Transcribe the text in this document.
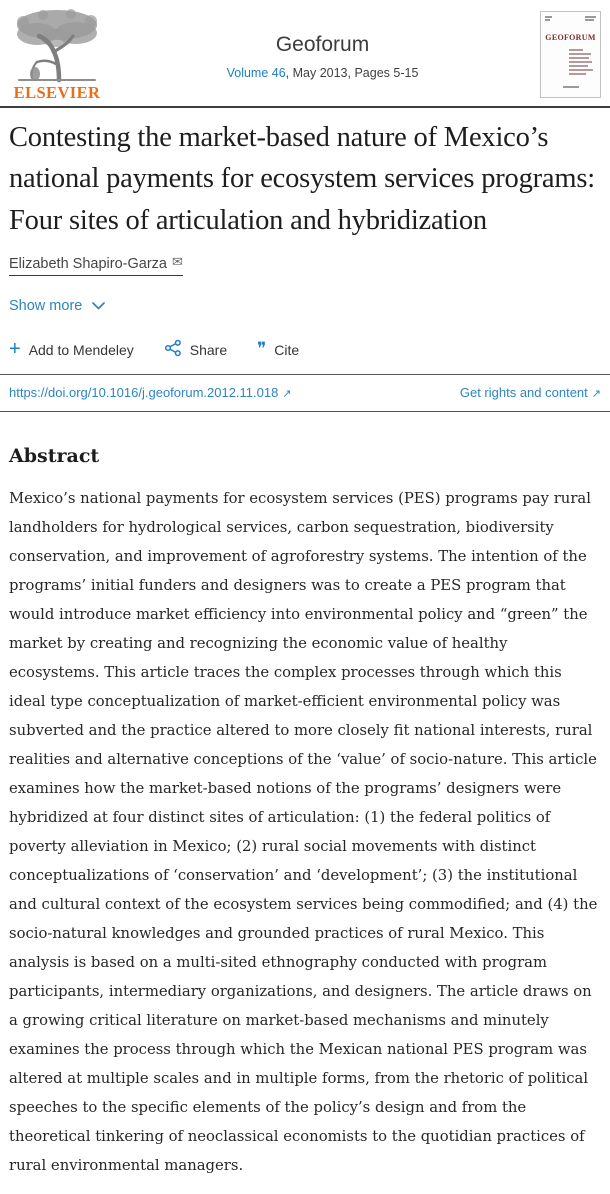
ELSEVIER
Geoforum
Volume 46, May 2013, Pages 5-15
GEOFORUM
Contesting the market-based nature of Mexico’s national payments for ecosystem services programs: Four sites of articulation and hybridization
Elizabeth Shapiro-Garza ✉
Show more
+ Add to Mendeley	Share ❞ Cite
https://doi.org/10.1016/j.geoforum.2012.11.018 ↗	Get rights and content ↗
Abstract

Mexico’s national payments for ecosystem services (PES) programs pay rural landholders for hydrological services, carbon sequestration, biodiversity conservation, and improvement of agroforestry systems. The intention of the programs’ initial funders and designers was to create a PES program that would introduce market efficiency into environmental policy and “green” the market by creating and recognizing the economic value of healthy ecosystems. This article traces the complex processes through which this ideal type conceptualization of market-efficient environmental policy was subverted and the practice altered to more closely fit national interests, rural realities and alternative conceptions of the ‘value’ of socio-nature. This article examines how the market-based notions of the programs’ designers were hybridized at four distinct sites of articulation: (1) the federal politics of poverty alleviation in Mexico; (2) rural social movements with distinct conceptualizations of ‘conservation’ and ‘development’; (3) the institutional and cultural context of the ecosystem services being commodified; and (4) the socio-natural knowledges and grounded practices of rural Mexico. This analysis is based on a multi-sited ethnography conducted with program participants, intermediary organizations, and designers. The article draws on a growing critical literature on market-based mechanisms and minutely examines the process through which the Mexican national PES program was altered at multiple scales and in multiple forms, from the rhetoric of political speeches to the specific elements of the policy’s design and from the theoretical tinkering of neoclassical economists to the quotidian practices of rural environmental managers.
